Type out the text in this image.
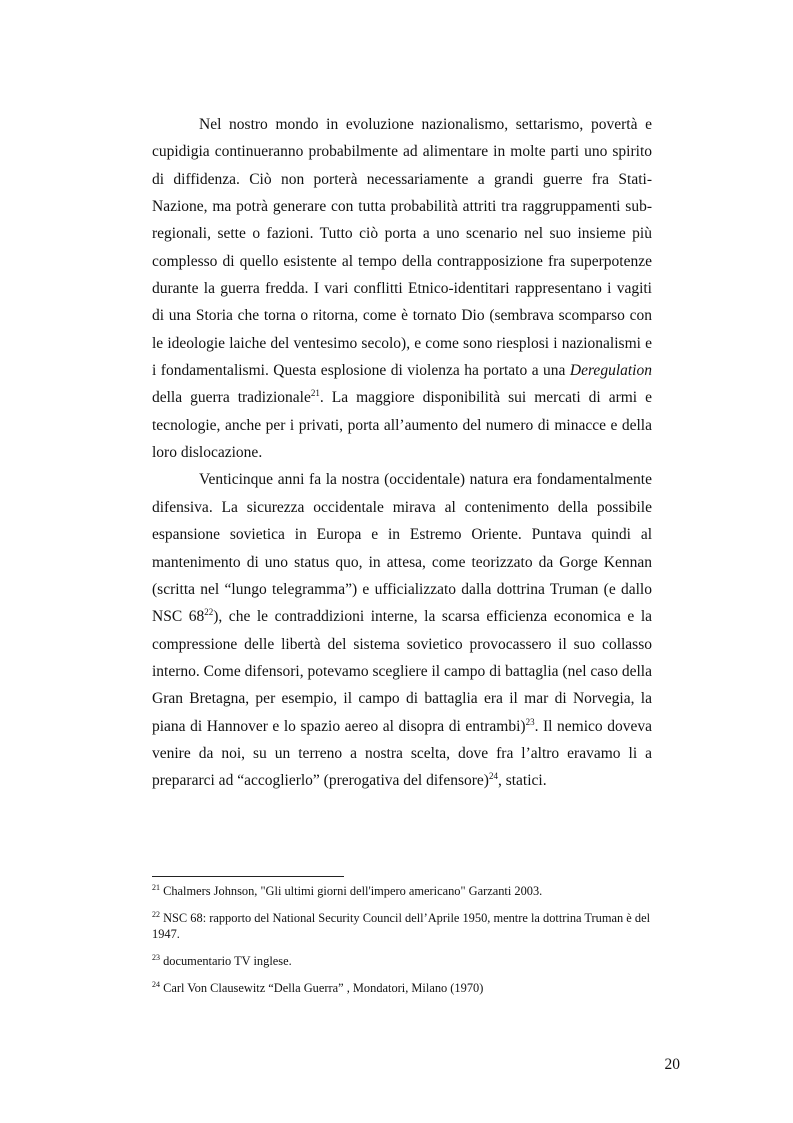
Nel nostro mondo in evoluzione nazionalismo, settarismo, povertà e cupidigia continueranno probabilmente ad alimentare in molte parti uno spirito di diffidenza. Ciò non porterà necessariamente a grandi guerre fra Stati-Nazione, ma potrà generare con tutta probabilità attriti tra raggruppamenti sub-regionali, sette o fazioni. Tutto ciò porta a uno scenario nel suo insieme più complesso di quello esistente al tempo della contrapposizione fra superpotenze durante la guerra fredda. I vari conflitti Etnico-identitari rappresentano i vagiti di una Storia che torna o ritorna, come è tornato Dio (sembrava scomparso con le ideologie laiche del ventesimo secolo), e come sono riesplosi i nazionalismi e i fondamentalismi. Questa esplosione di violenza ha portato a una Deregulation della guerra tradizionale$^{21}$. La maggiore disponibilità sui mercati di armi e tecnologie, anche per i privati, porta all’aumento del numero di minacce e della loro dislocazione.

Venticinque anni fa la nostra (occidentale) natura era fondamentalmente difensiva. La sicurezza occidentale mirava al contenimento della possibile espansione sovietica in Europa e in Estremo Oriente. Puntava quindi al mantenimento di uno status quo, in attesa, come teorizzato da Gorge Kennan (scritta nel “lungo telegramma”) e ufficializzato dalla dottrina Truman (e dallo NSC $68^{22}$), che le contraddizioni interne, la scarsa efficienza economica e la compressione delle libertà del sistema sovietico provocassero il suo collasso interno. Come difensori, potevamo scegliere il campo di battaglia (nel caso della Gran Bretagna, per esempio, il campo di battaglia era il mar di Norvegia, la piana di Hannover e lo spazio aereo al disopra di entrambi)$^{23}$. Il nemico doveva venire da noi, su un terreno a nostra scelta, dove fra l’altro eravamo li a prepararci ad “accoglierlo” (prerogativa del difensore)$^{24}$, statici.

$^{21}$ Chalmers Johnson, "Gli ultimi giorni dell'impero americano" Garzanti 2003.

$^{22}$ NSC 68: rapporto del National Security Council dell’Aprile 1950, mentre la dottrina Truman è del 1947.

$^{23}$ documentario TV inglese.

$^{24}$ Carl Von Clausewitz “Della Guerra” , Mondatori, Milano (1970)

20
